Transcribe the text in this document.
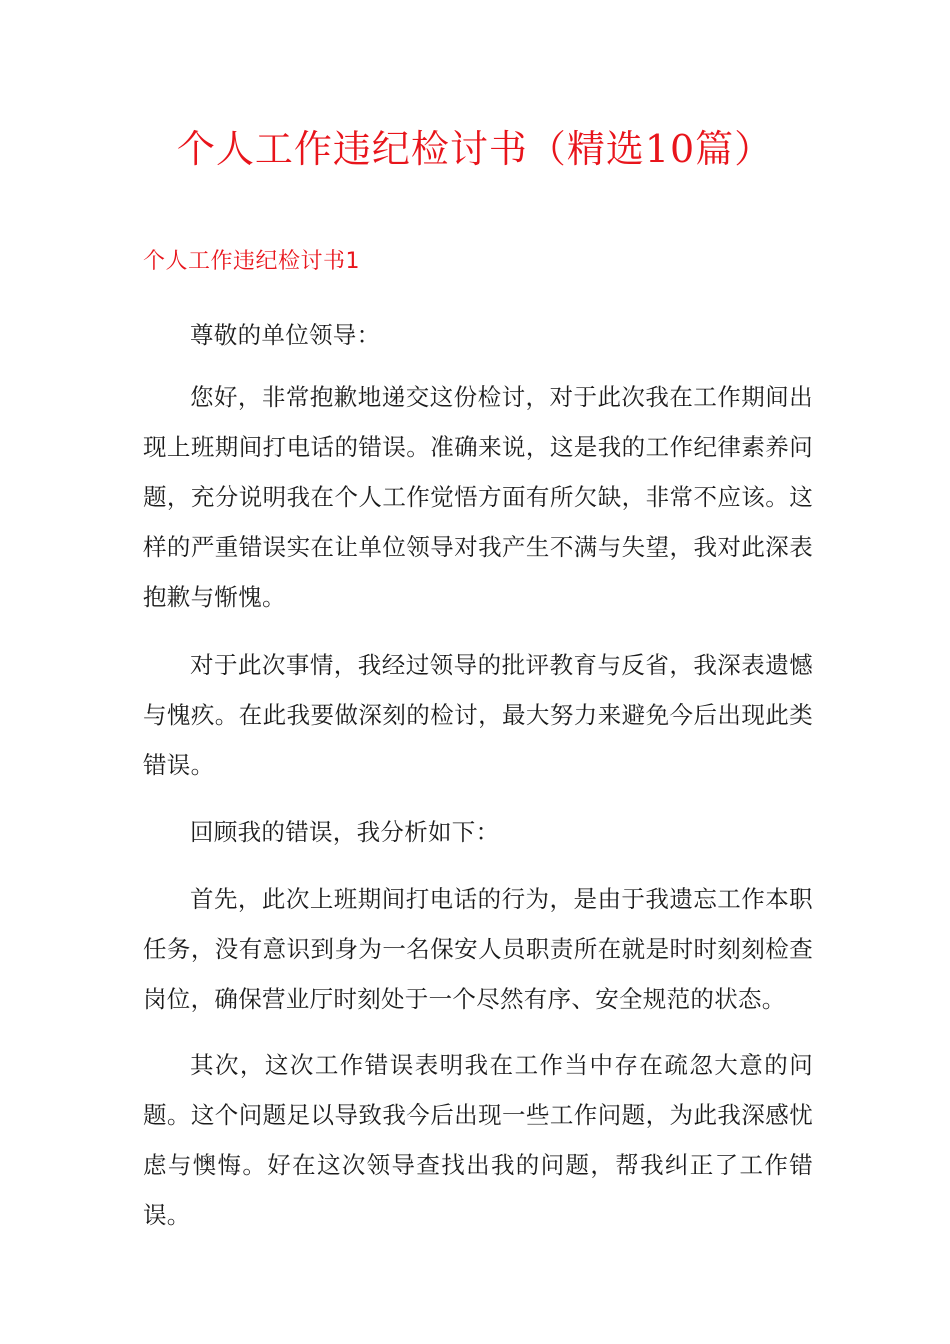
个人工作违纪检讨书（精选10篇）
个人工作违纪检讨书1

尊敬的单位领导：

您好，非常抱歉地递交这份检讨，对于此次我在工作期间出现上班期间打电话的错误。准确来说，这是我的工作纪律素养问题，充分说明我在个人工作觉悟方面有所欠缺，非常不应该。这样的严重错误实在让单位领导对我产生不满与失望，我对此深表抱歉与惭愧。

对于此次事情，我经过领导的批评教育与反省，我深表遗憾与愧疚。在此我要做深刻的检讨，最大努力来避免今后出现此类错误。

回顾我的错误，我分析如下：

首先，此次上班期间打电话的行为，是由于我遗忘工作本职任务，没有意识到身为一名保安人员职责所在就是时时刻刻检查岗位，确保营业厅时刻处于一个尽然有序、安全规范的状态。

其次，这次工作错误表明我在工作当中存在疏忽大意的问题。这个问题足以导致我今后出现一些工作问题，为此我深感忧虑与懊悔。好在这次领导查找出我的问题，帮我纠正了工作错误。
